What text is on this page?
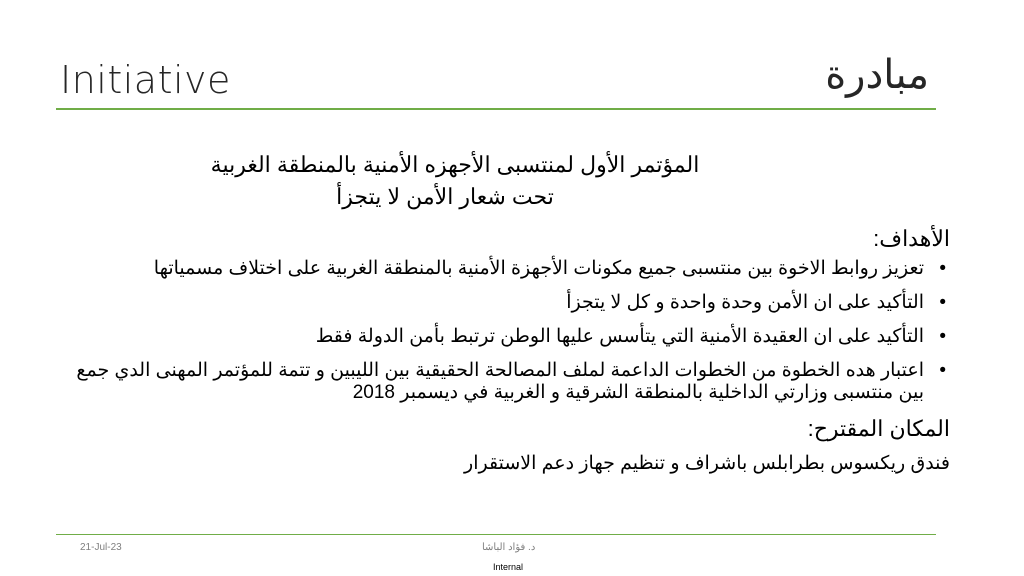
Initiative	مبادرة
المؤتمر الأول لمنتسبى الأجهزه الأمنية بالمنطقة الغربية
تحت شعار الأمن لا يتجزأ
الأهداف:
•
تعزيز روابط الاخوة بين منتسبى جميع مكونات الأجهزة الأمنية بالمنطقة الغربية على اختلاف مسمياتها
•
التأكيد على ان الأمن وحدة واحدة و كل لا يتجزأ
•
التأكيد على ان العقيدة الأمنية التي يتأسس عليها الوطن ترتبط بأمن الدولة فقط
•
اعتبار هده الخطوة من الخطوات الداعمة لملف المصالحة الحقيقية بين الليبين و تتمة للمؤتمر المهنى الدي جمع بين منتسبى وزارتي الداخلية بالمنطقة الشرقية و الغربية في ديسمبر 2018
المكان المقترح:
فندق ريكسوس بطرابلس باشراف و تنظيم جهاز دعم الاستقرار
21-Jul-23	د. فؤاد الباشا
Internal
